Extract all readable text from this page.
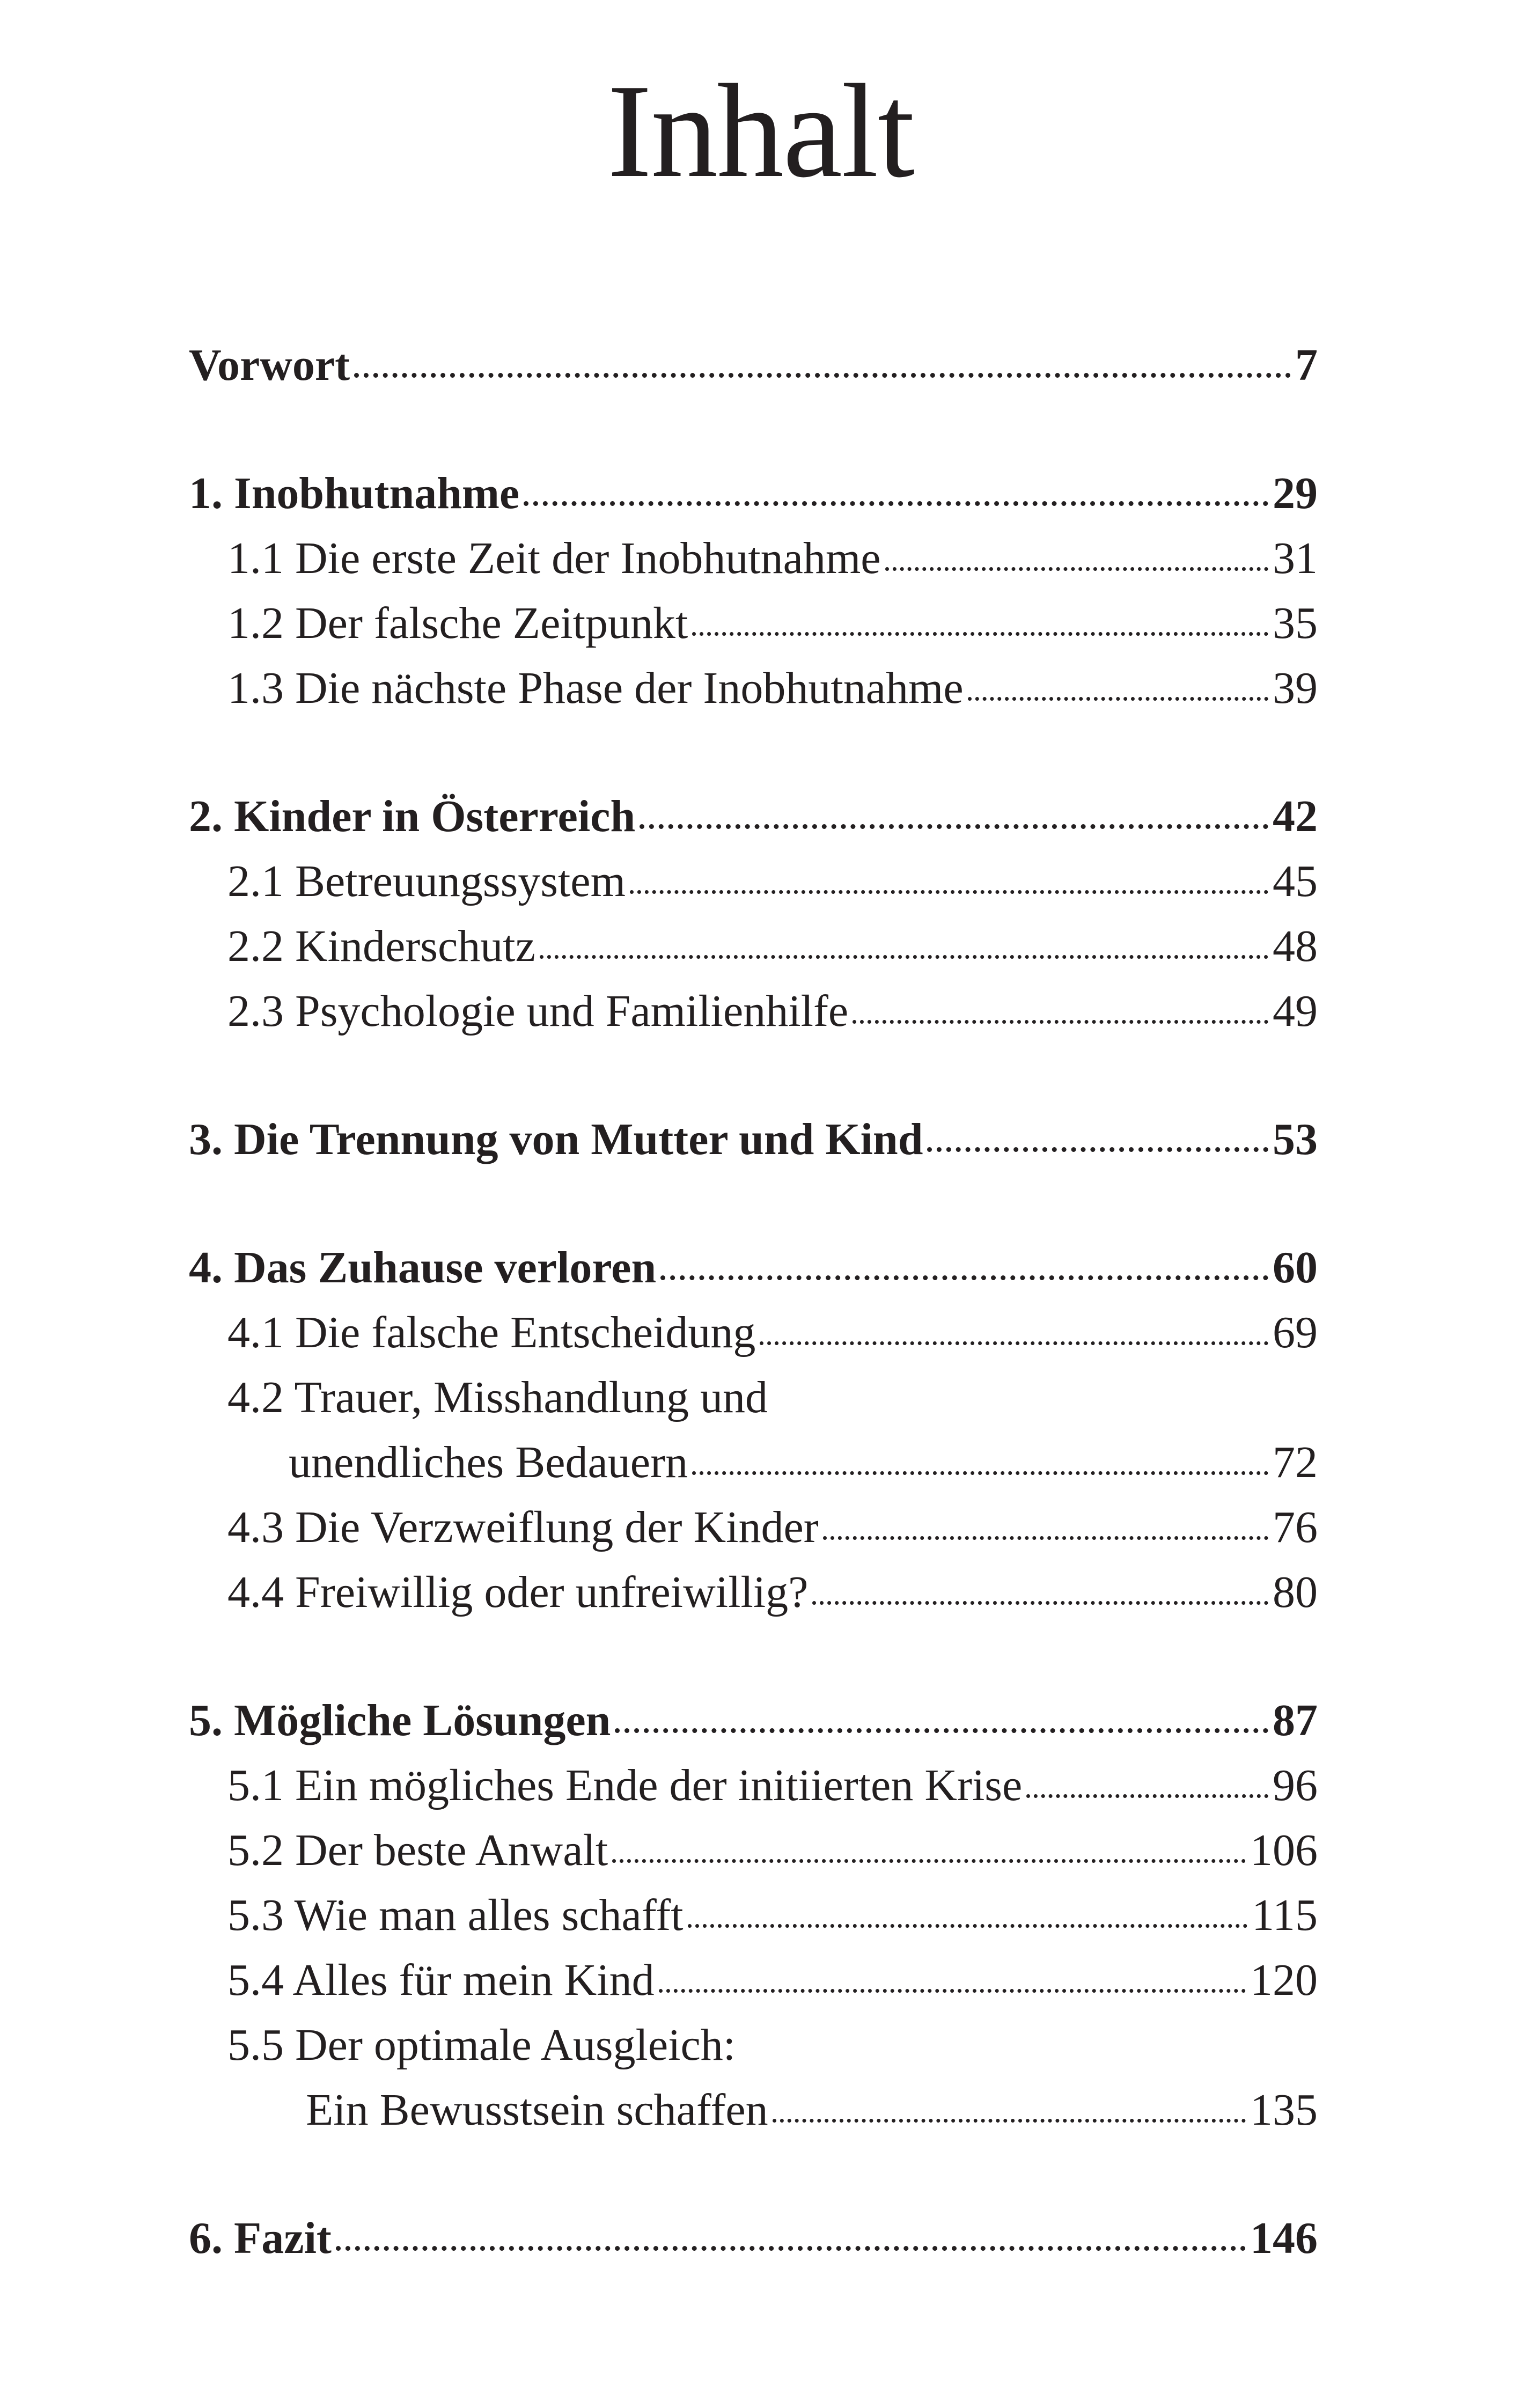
Inhalt
Vorwort	7
1. Inobhutnahme	29
1.1 Die erste Zeit der Inobhutnahme	31
1.2 Der falsche Zeitpunkt	35
1.3 Die nächste Phase der Inobhutnahme	39
2. Kinder in Österreich	42
2.1 Betreuungssystem	45
2.2 Kinderschutz	48
2.3 Psychologie und Familienhilfe	49
3. Die Trennung von Mutter und Kind	53
4. Das Zuhause verloren	60
4.1 Die falsche Entscheidung	69
4.2 Trauer, Misshandlung und
unendliches Bedauern	72
4.3 Die Verzweiflung der Kinder	76
4.4 Freiwillig oder unfreiwillig?	80
5. Mögliche Lösungen	87
5.1 Ein mögliches Ende der initiierten Krise	96
5.2 Der beste Anwalt	106
5.3 Wie man alles schafft	115
5.4 Alles für mein Kind	120
5.5 Der optimale Ausgleich:
Ein Bewusstsein schaffen	135
6. Fazit	146
